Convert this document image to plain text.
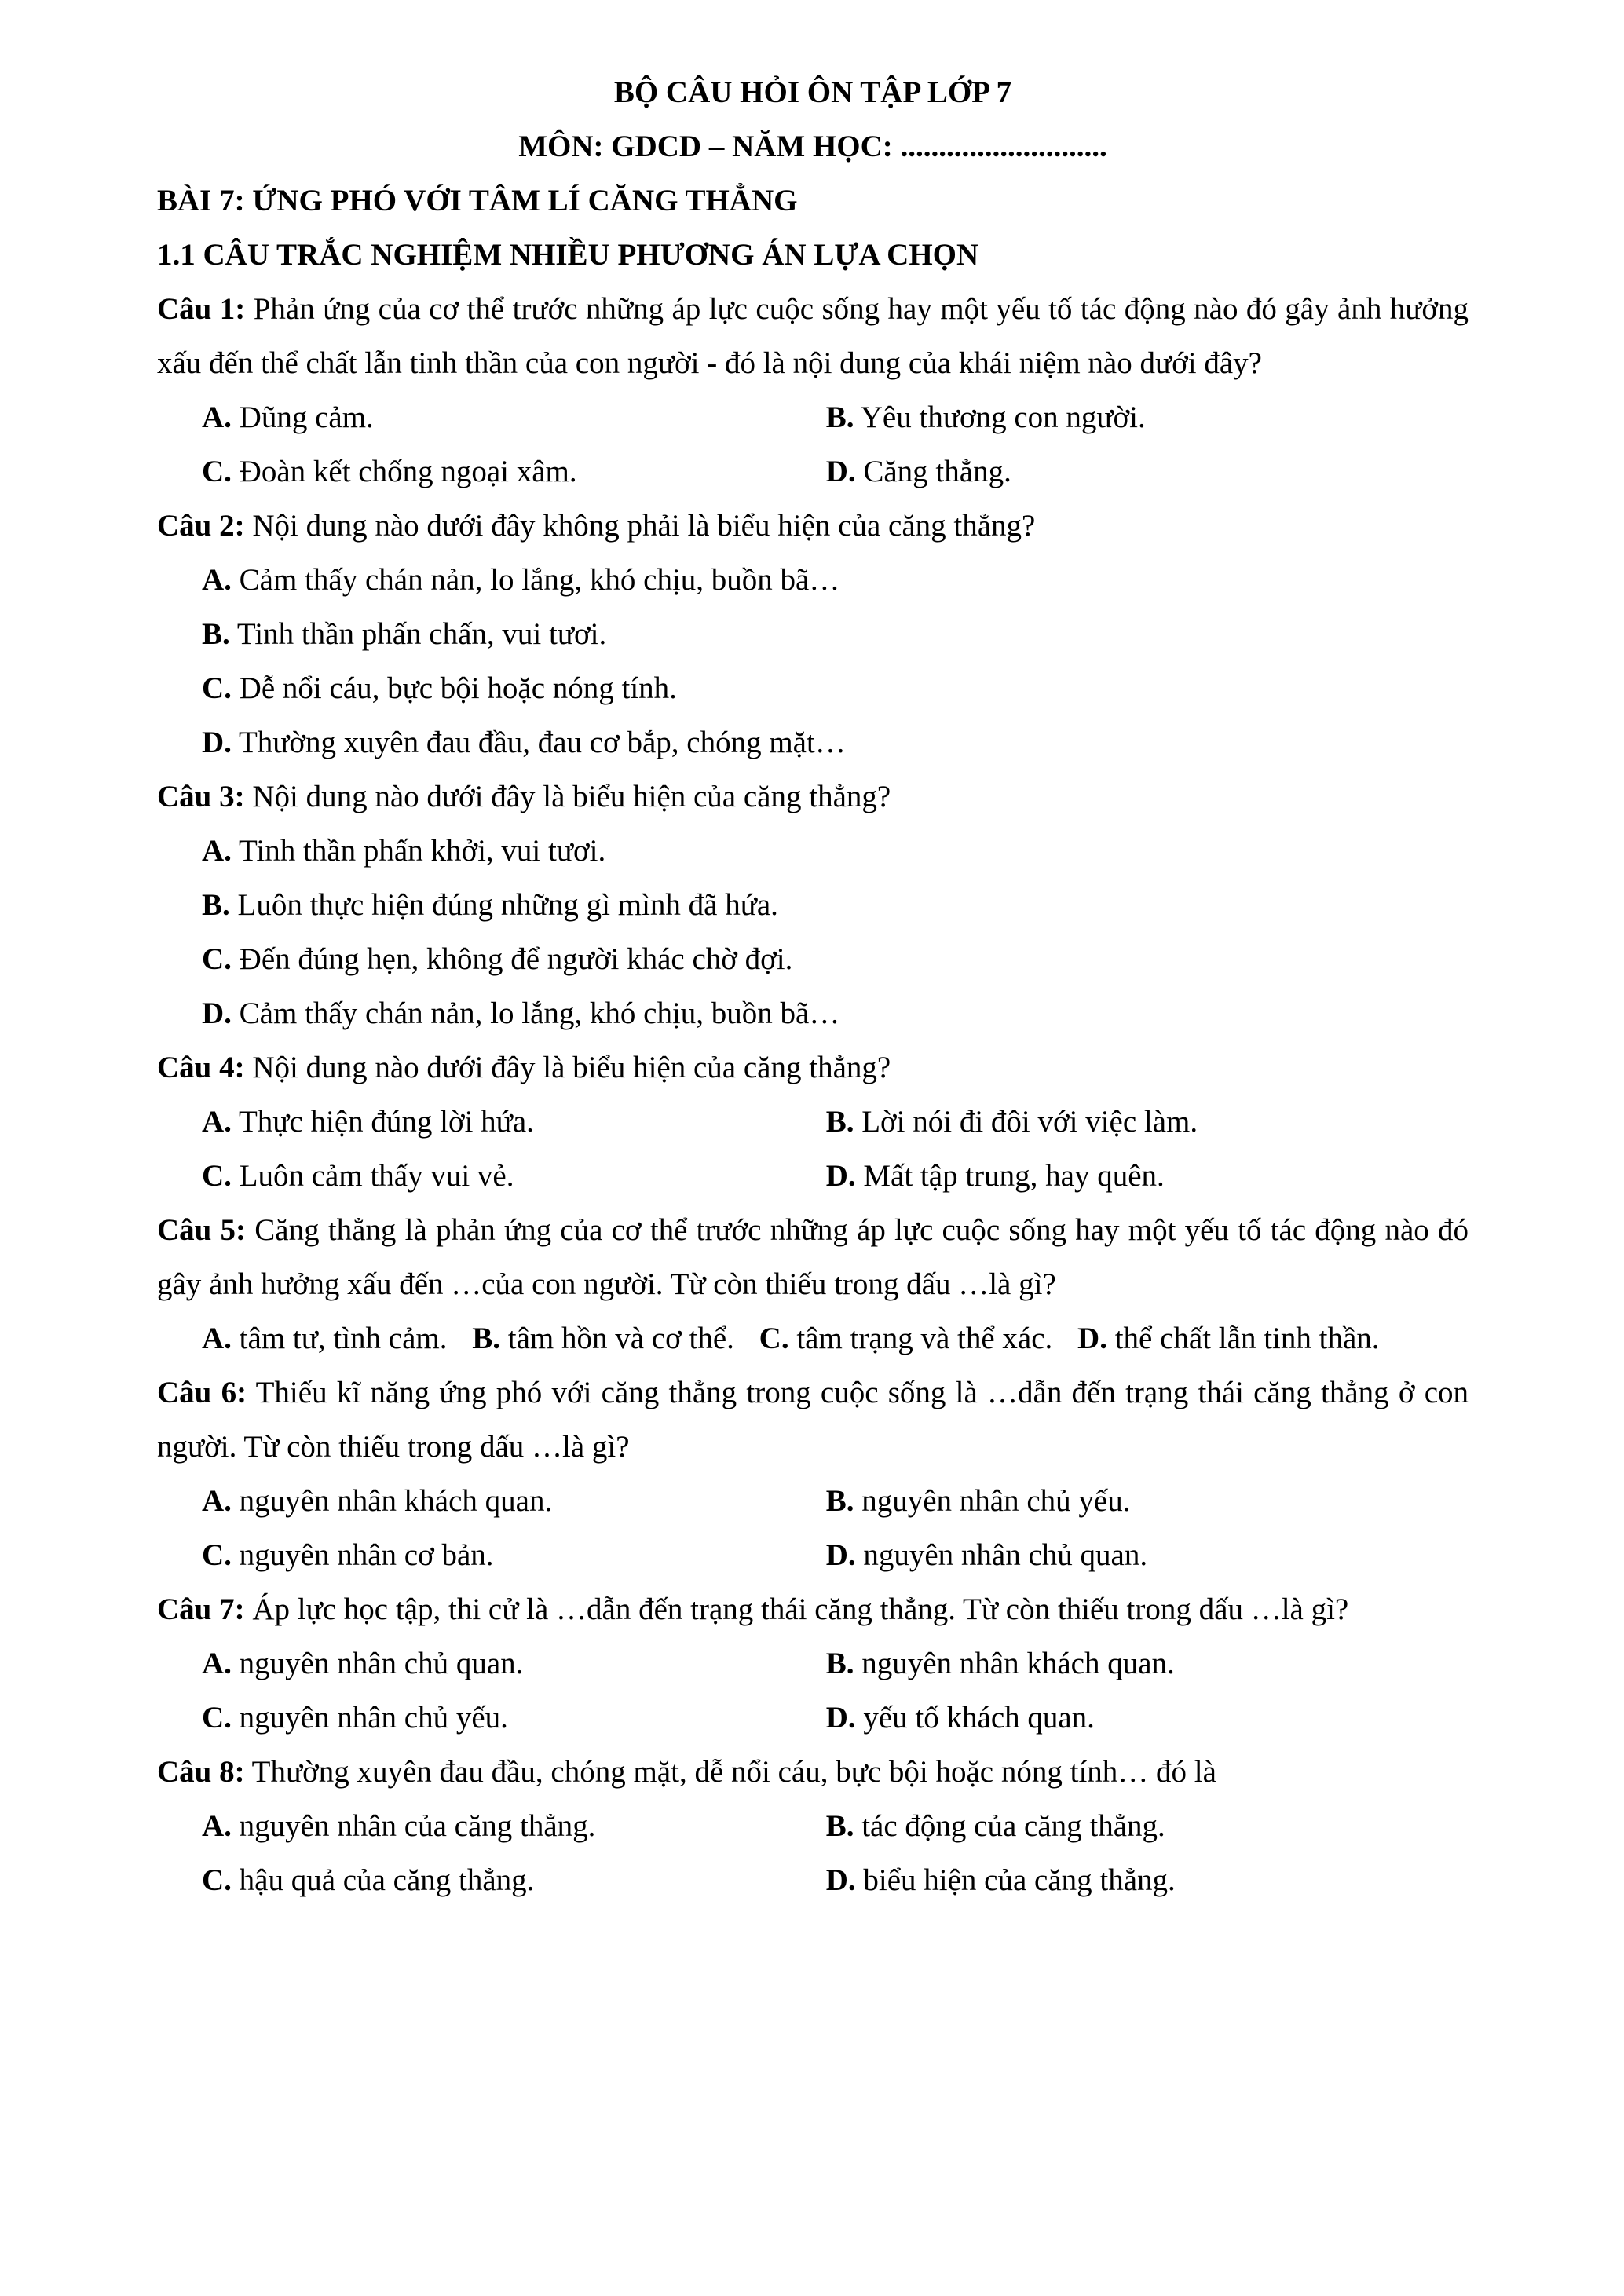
BỘ CÂU HỎI ÔN TẬP LỚP 7

MÔN: GDCD – NĂM HỌC: ...........................

BÀI 7: ỨNG PHÓ VỚI TÂM LÍ CĂNG THẲNG

1.1 CÂU TRẮC NGHIỆM NHIỀU PHƯƠNG ÁN LỰA CHỌN

Câu 1: Phản ứng của cơ thể trước những áp lực cuộc sống hay một yếu tố tác động nào đó gây ảnh hưởng xấu đến thể chất lẫn tinh thần của con người - đó là nội dung của khái niệm nào dưới đây?

A. Dũng cảm.	B. Yêu thương con người.

C. Đoàn kết chống ngoại xâm.	D. Căng thẳng.

Câu 2: Nội dung nào dưới đây không phải là biểu hiện của căng thẳng?

A. Cảm thấy chán nản, lo lắng, khó chịu, buồn bã…

B. Tinh thần phấn chấn, vui tươi.

C. Dễ nổi cáu, bực bội hoặc nóng tính.

D. Thường xuyên đau đầu, đau cơ bắp, chóng mặt…

Câu 3: Nội dung nào dưới đây là biểu hiện của căng thẳng?

A. Tinh thần phấn khởi, vui tươi.

B. Luôn thực hiện đúng những gì mình đã hứa.

C. Đến đúng hẹn, không để người khác chờ đợi.

D. Cảm thấy chán nản, lo lắng, khó chịu, buồn bã…

Câu 4: Nội dung nào dưới đây là biểu hiện của căng thẳng?

A. Thực hiện đúng lời hứa.	B. Lời nói đi đôi với việc làm.

C. Luôn cảm thấy vui vẻ.	D. Mất tập trung, hay quên.

Câu 5: Căng thẳng là phản ứng của cơ thể trước những áp lực cuộc sống hay một yếu tố tác động nào đó gây ảnh hưởng xấu đến …của con người. Từ còn thiếu trong dấu …là gì?

A. tâm tư, tình cảm. B. tâm hồn và cơ thể. C. tâm trạng và thể xác. D. thể chất lẫn tinh thần.

Câu 6: Thiếu kĩ năng ứng phó với căng thẳng trong cuộc sống là …dẫn đến trạng thái căng thẳng ở con người. Từ còn thiếu trong dấu …là gì?

A. nguyên nhân khách quan.	B. nguyên nhân chủ yếu.

C. nguyên nhân cơ bản.	D. nguyên nhân chủ quan.

Câu 7: Áp lực học tập, thi cử là …dẫn đến trạng thái căng thẳng. Từ còn thiếu trong dấu …là gì?

A. nguyên nhân chủ quan.	B. nguyên nhân khách quan.

C. nguyên nhân chủ yếu.	D. yếu tố khách quan.

Câu 8: Thường xuyên đau đầu, chóng mặt, dễ nổi cáu, bực bội hoặc nóng tính… đó là

A. nguyên nhân của căng thẳng.	B. tác động của căng thẳng.

C. hậu quả của căng thẳng.	D. biểu hiện của căng thẳng.
